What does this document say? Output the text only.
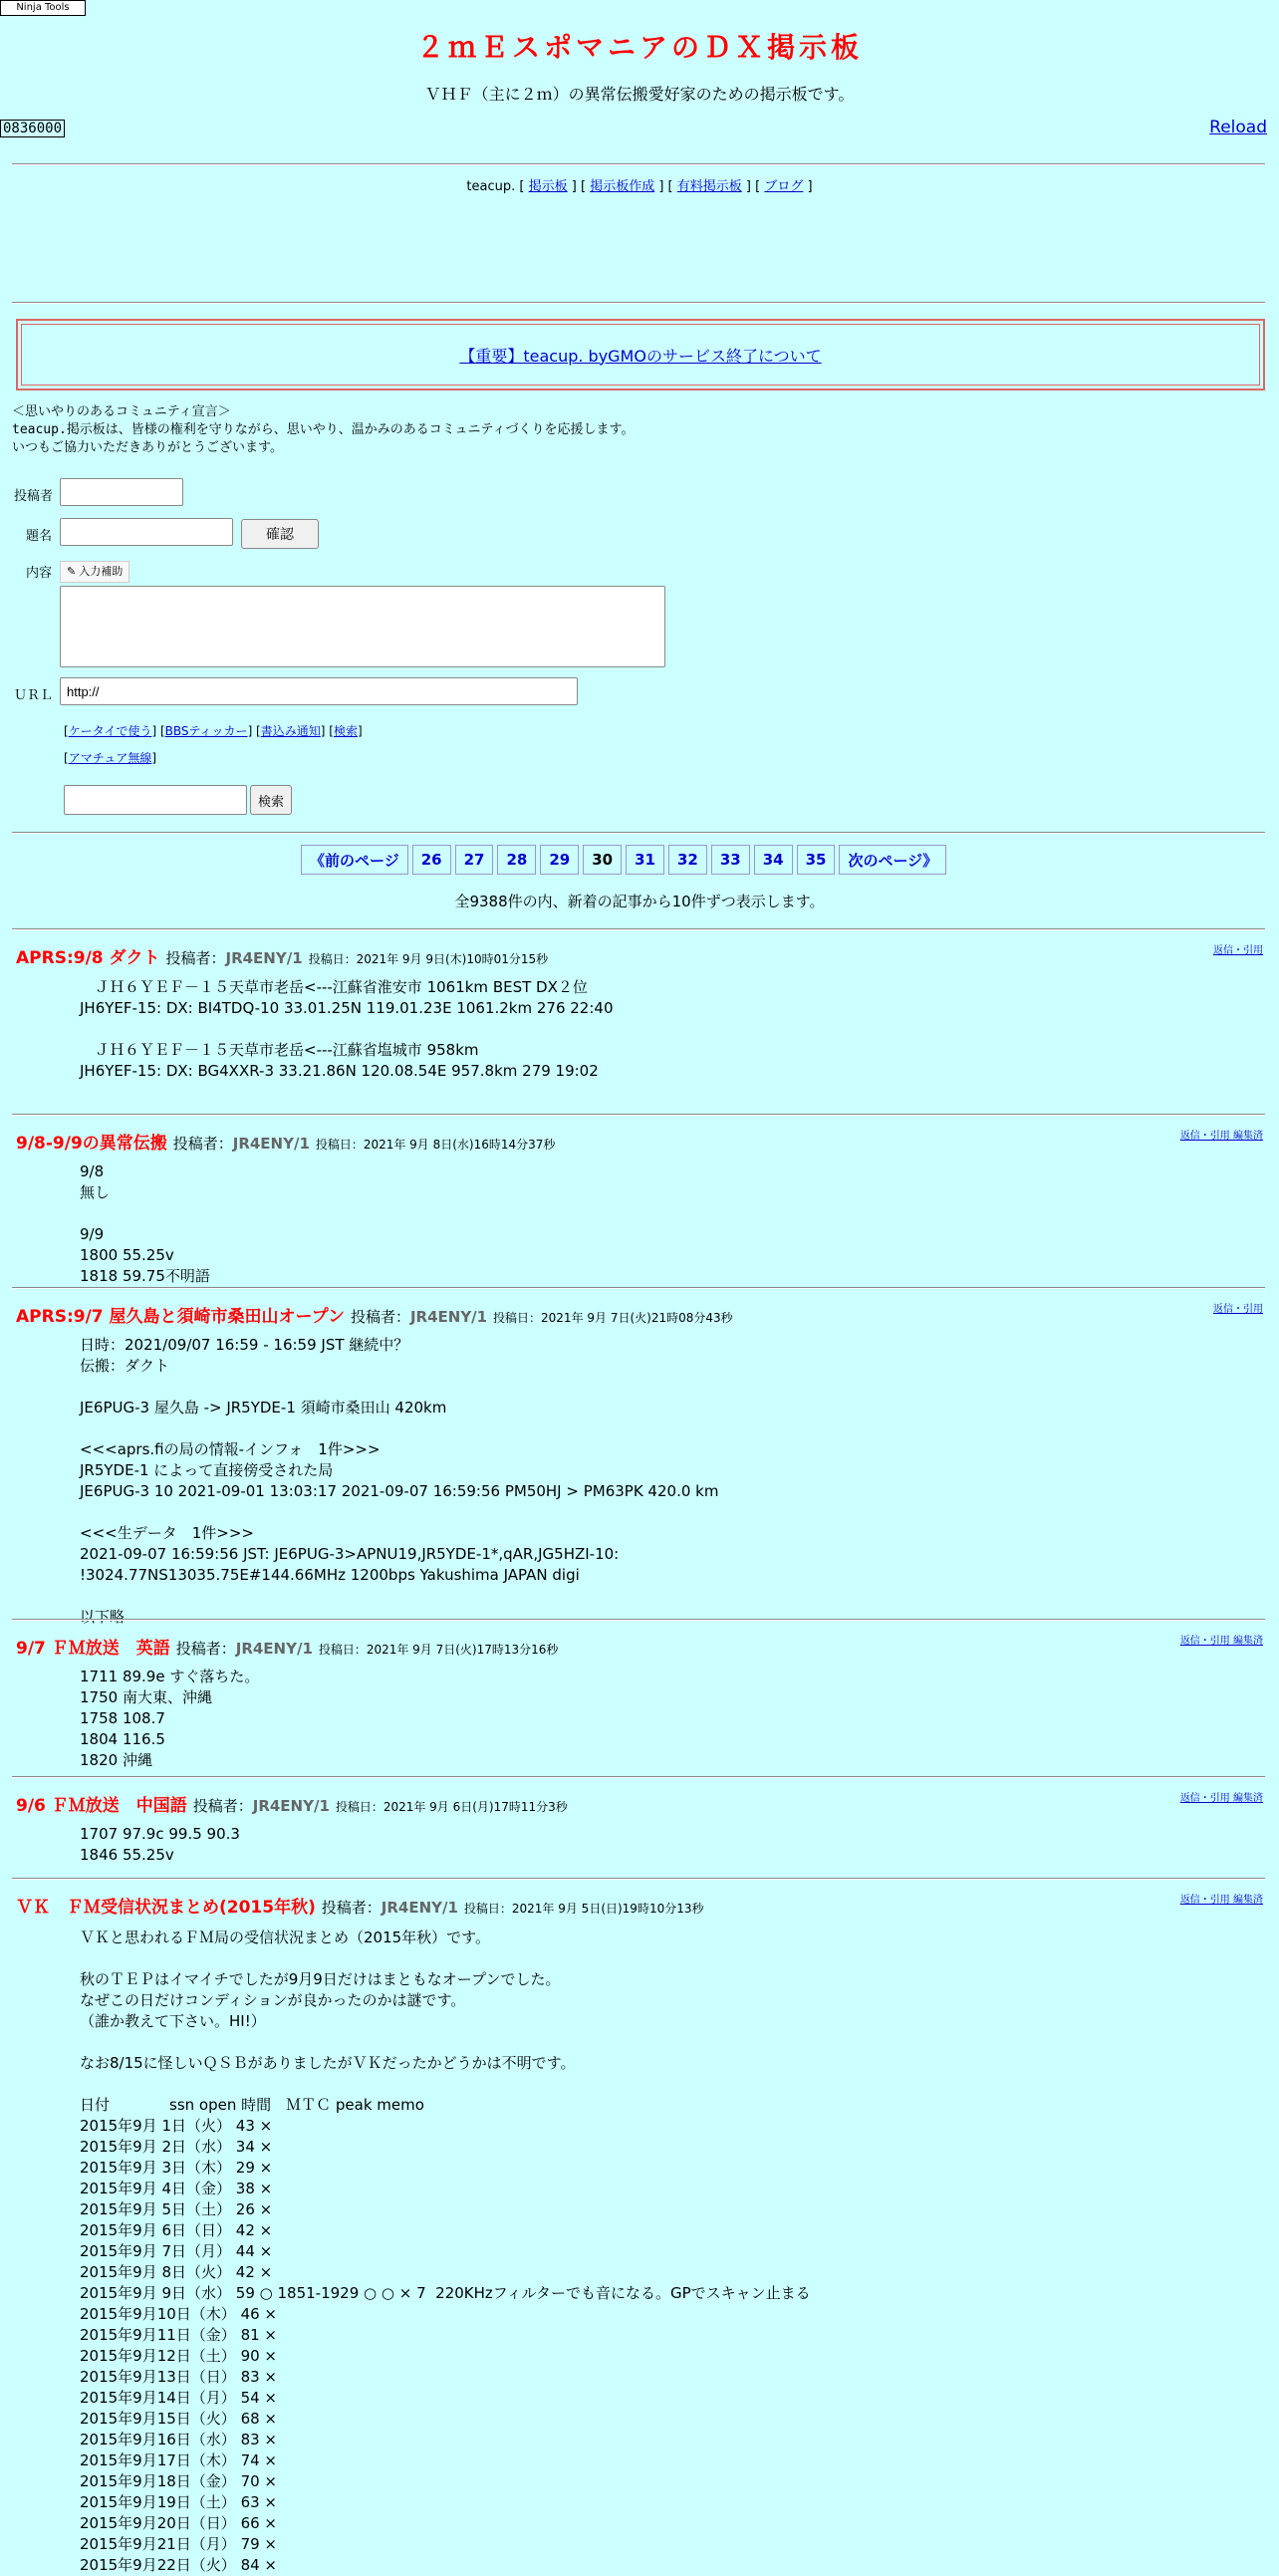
Ninja Tools
２ｍＥスポマニアのＤＸ掲示板
ＶＨＦ（主に２ｍ）の異常伝搬愛好家のための掲示板です。
0836000	Reload
teacup. [ 掲示板 ] [ 掲示板作成 ] [ 有料掲示板 ] [ ブログ ]
【重要】teacup. byGMOのサービス終了について
＜思いやりのあるコミュニティ宣言＞
teacup.掲示板は、皆様の権利を守りながら、思いやり、温かみのあるコミュニティづくりを応援します。
いつもご協力いただきありがとうございます。
投稿者
題名	確認
内容 ✎ 入力補助
ＵＲＬ	http://
[ケータイで使う] [BBSティッカー] [書込み通知] [検索]
[アマチュア無線]
検索
《前のページ	26	27	28	29	30	31	32	33	34	35	次のページ》
全9388件の内、新着の記事から10件ずつ表示します。
APRS:9/8 ダクト 投稿者：JR4ENY/1 投稿日：2021年 9月 9日(木)10時01分15秒
返信・引用
　ＪＨ６ＹＥＦ－１５天草市老岳<---江蘇省淮安市 1061km BEST DX２位
JH6YEF-15: DX: BI4TDQ-10 33.01.25N 119.01.23E 1061.2km 276 22:40

　ＪＨ６ＹＥＦ－１５天草市老岳<---江蘇省塩城市 958km
JH6YEF-15: DX: BG4XXR-3 33.21.86N 120.08.54E 957.8km 279 19:02
9/8-9/9の異常伝搬 投稿者：JR4ENY/1 投稿日：2021年 9月 8日(水)16時14分37秒
返信・引用 編集済
9/8
無し

9/9
1800 55.25v
1818 59.75不明語
APRS:9/7 屋久島と須崎市桑田山オープン 投稿者：JR4ENY/1 投稿日：2021年 9月 7日(火)21時08分43秒
返信・引用
日時：2021/09/07 16:59 - 16:59 JST 継続中？
伝搬：ダクト

JE6PUG-3 屋久島 -> JR5YDE-1 須崎市桑田山 420km

<<<aprs.fiの局の情報-インフォ　1件>>>
JR5YDE-1 によって直接傍受された局
JE6PUG-3 10 2021-09-01 13:03:17 2021-09-07 16:59:56 PM50HJ > PM63PK 420.0 km

<<<生データ　1件>>>
2021-09-07 16:59:56 JST: JE6PUG-3>APNU19,JR5YDE-1*,qAR,JG5HZI-10:
!3024.77NS13035.75E#144.66MHz 1200bps Yakushima JAPAN digi

以下略
9/7 ＦＭ放送　英語 投稿者：JR4ENY/1 投稿日：2021年 9月 7日(火)17時13分16秒
返信・引用 編集済
1711 89.9e すぐ落ちた。
1750 南大東、沖縄
1758 108.7
1804 116.5
1820 沖縄
9/6 ＦＭ放送　中国語 投稿者：JR4ENY/1 投稿日：2021年 9月 6日(月)17時11分3秒
返信・引用 編集済
1707 97.9c 99.5 90.3
1846 55.25v
ＶＫ　ＦＭ受信状況まとめ(2015年秋) 投稿者：JR4ENY/1 投稿日：2021年 9月 5日(日)19時10分13秒
返信・引用 編集済
ＶＫと思われるＦＭ局の受信状況まとめ（2015年秋）です。

秋のＴＥＰはイマイチでしたが9月9日だけはまともなオープンでした。
なぜこの日だけコンディションが良かったのかは謎です。
（誰か教えて下さい。HI!）

なお8/15に怪しいＱＳＢがありましたがＶＫだったかどうかは不明です。

日付　　　　ssn open 時間　ＭＴＣ peak memo
2015年9月 1日（火） 43 ×
2015年9月 2日（水） 34 ×
2015年9月 3日（木） 29 ×
2015年9月 4日（金） 38 ×
2015年9月 5日（土） 26 ×
2015年9月 6日（日） 42 ×
2015年9月 7日（月） 44 ×
2015年9月 8日（火） 42 ×
2015年9月 9日（水） 59 ○ 1851-1929 ○ ○ × 7  220KHzフィルターでも音になる。GPでスキャン止まる
2015年9月10日（木） 46 ×
2015年9月11日（金） 81 ×
2015年9月12日（土） 90 ×
2015年9月13日（日） 83 ×
2015年9月14日（月） 54 ×
2015年9月15日（火） 68 ×
2015年9月16日（水） 83 ×
2015年9月17日（木） 74 ×
2015年9月18日（金） 70 ×
2015年9月19日（土） 63 ×
2015年9月20日（日） 66 ×
2015年9月21日（月） 79 ×
2015年9月22日（火） 84 ×
